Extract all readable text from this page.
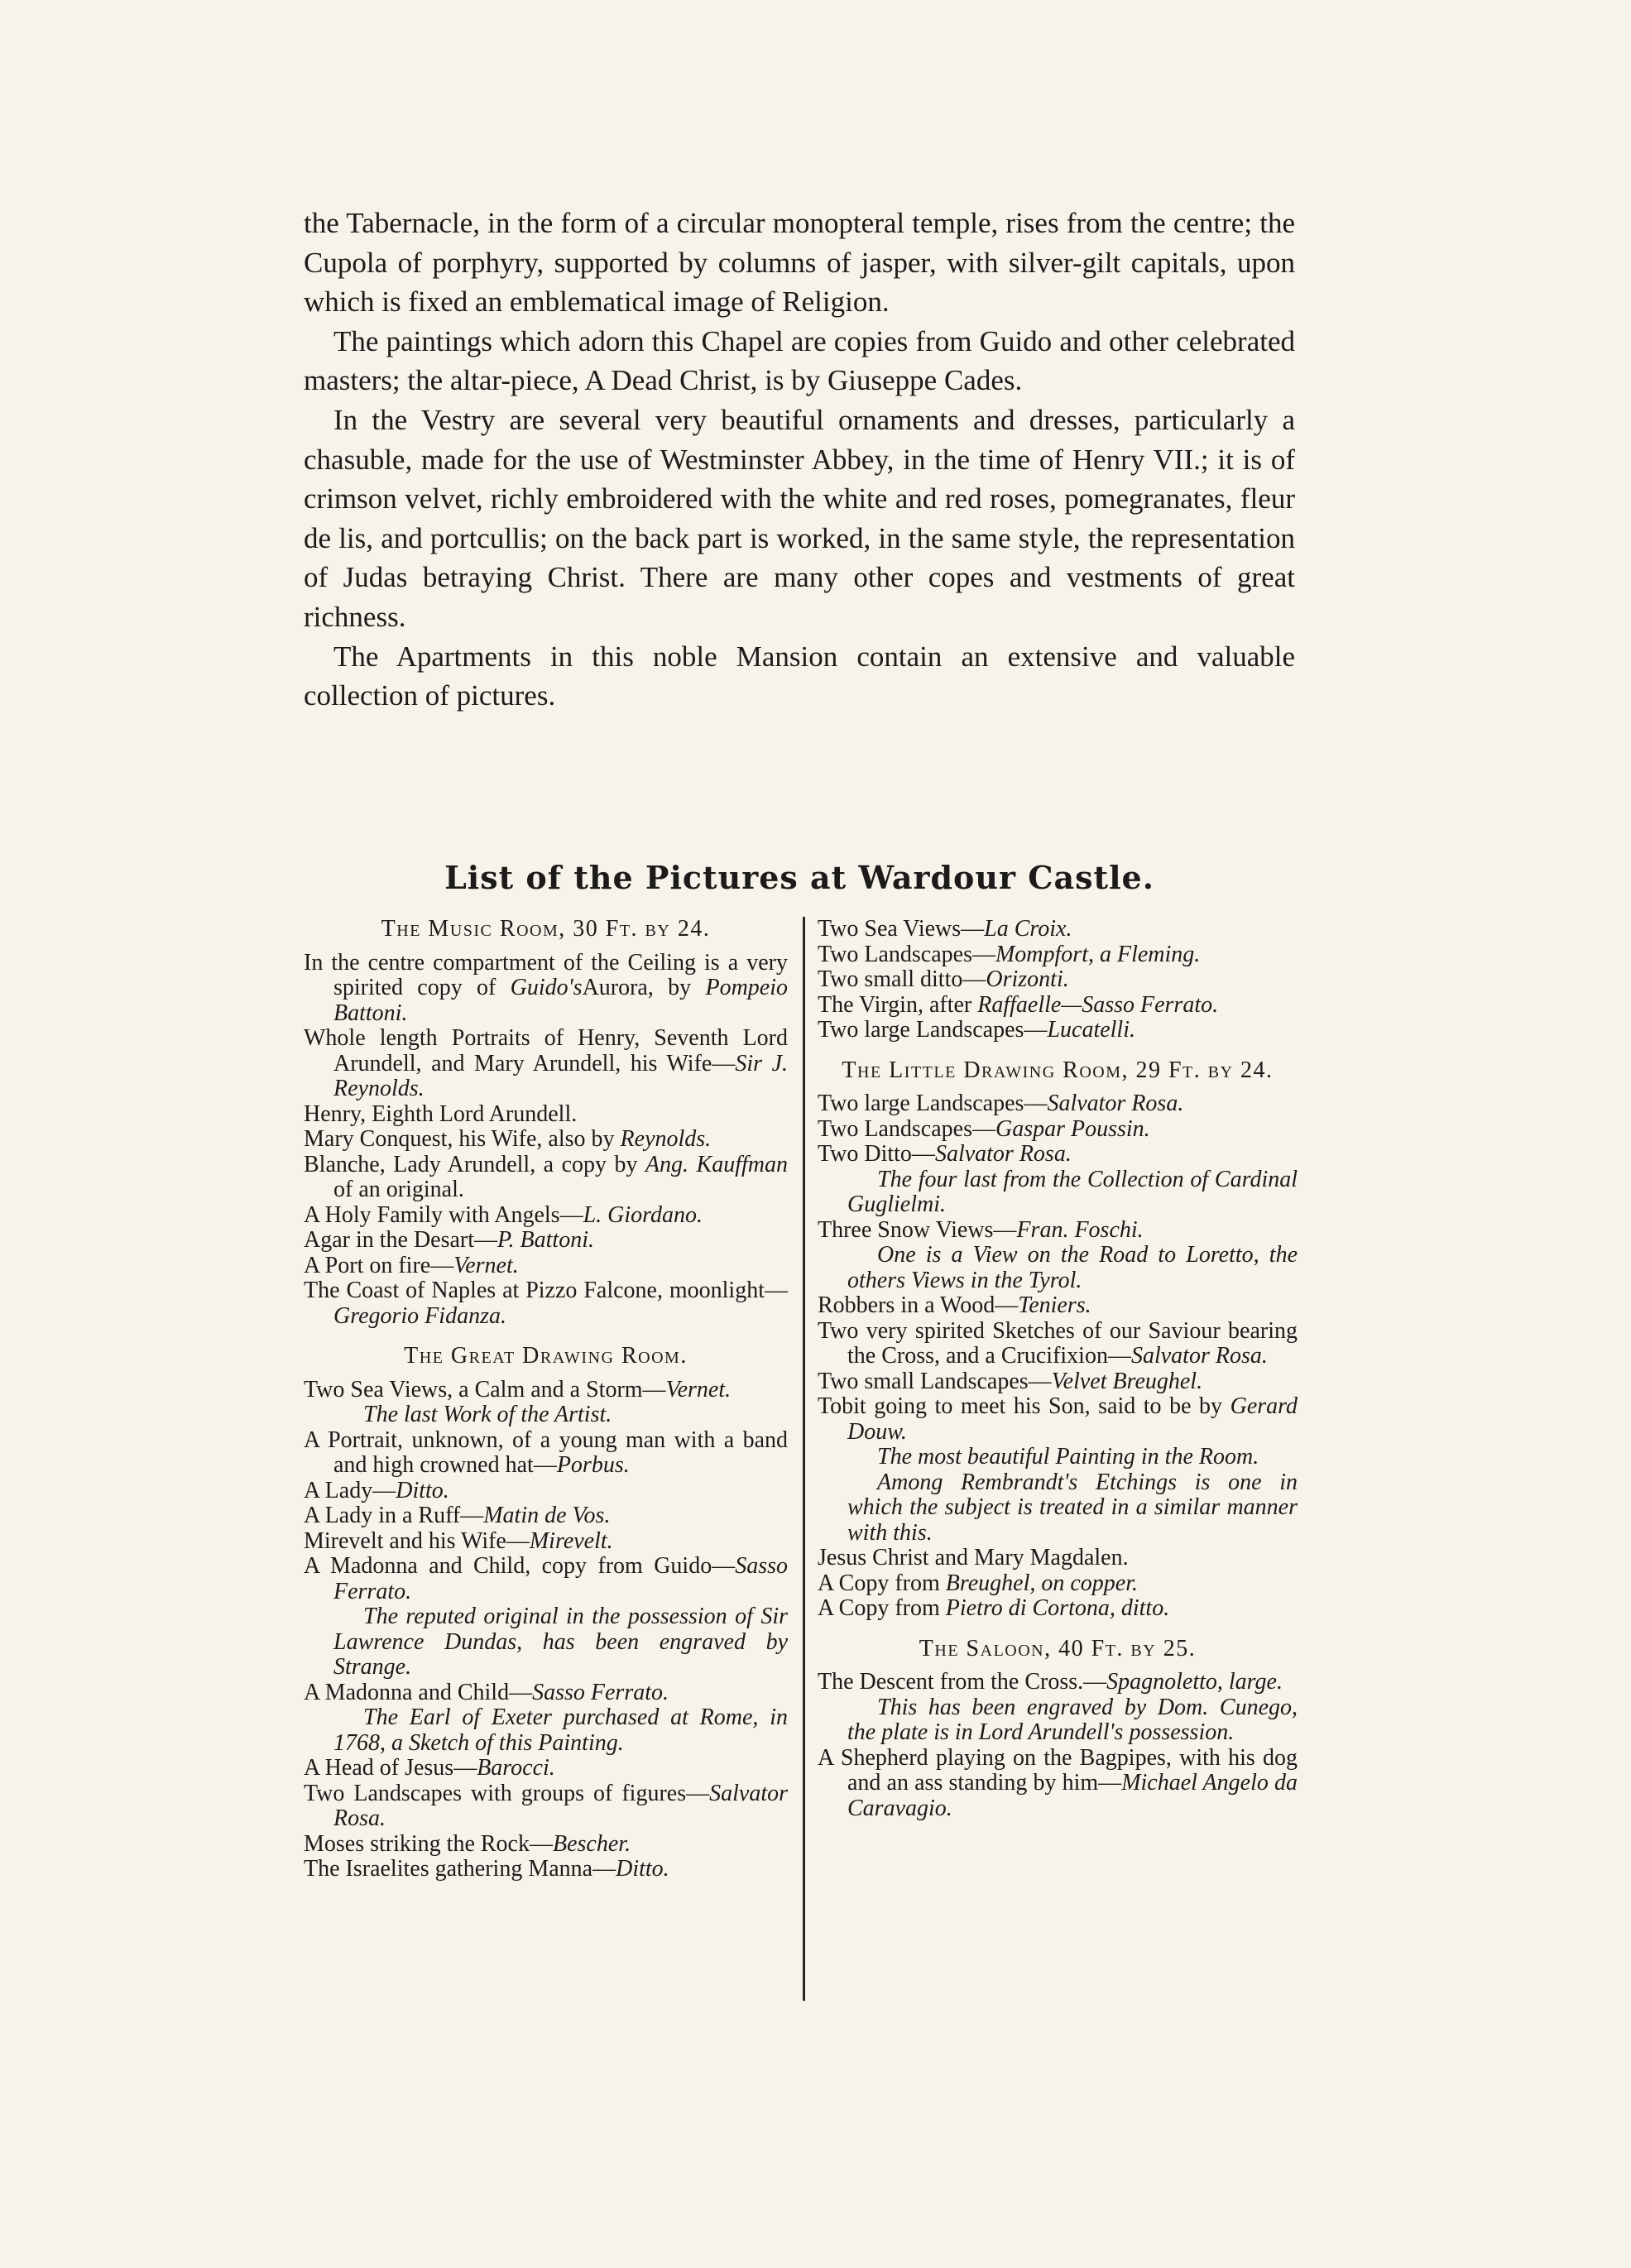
the Tabernacle, in the form of a circular monopteral temple, rises from the centre; the Cupola of porphyry, supported by columns of jasper, with silver-gilt capitals, upon which is fixed an emblematical image of Religion.

The paintings which adorn this Chapel are copies from Guido and other celebrated masters; the altar-piece, A Dead Christ, is by Giuseppe Cades.

In the Vestry are several very beautiful ornaments and dresses, particularly a chasuble, made for the use of Westminster Abbey, in the time of Henry VII.; it is of crimson velvet, richly embroidered with the white and red roses, pomegranates, fleur de lis, and portcullis; on the back part is worked, in the same style, the representation of Judas betraying Christ. There are many other copes and vestments of great richness.

The Apartments in this noble Mansion contain an extensive and valuable collection of pictures.

List of the Pictures at Wardour Castle.
The Music Room, 30 Ft. by 24.

In the centre compartment of the Ceiling is a very spirited copy of Guido'sAurora, by Pompeio Battoni.

Whole length Portraits of Henry, Seventh Lord Arundell, and Mary Arundell, his Wife—Sir J. Reynolds.

Henry, Eighth Lord Arundell.

Mary Conquest, his Wife, also by Reynolds.

Blanche, Lady Arundell, a copy by Ang. Kauffman of an original.

A Holy Family with Angels—L. Giordano.

Agar in the Desart—P. Battoni.

A Port on fire—Vernet.

The Coast of Naples at Pizzo Falcone, moonlight—Gregorio Fidanza.

The Great Drawing Room.

Two Sea Views, a Calm and a Storm—Vernet.

The last Work of the Artist.

A Portrait, unknown, of a young man with a band and high crowned hat—Porbus.

A Lady—Ditto.

A Lady in a Ruff—Matin de Vos.

Mirevelt and his Wife—Mirevelt.

A Madonna and Child, copy from Guido—Sasso Ferrato.

The reputed original in the possession of Sir Lawrence Dundas, has been engraved by Strange.

A Madonna and Child—Sasso Ferrato.

The Earl of Exeter purchased at Rome, in 1768, a Sketch of this Painting.

A Head of Jesus—Barocci.

Two Landscapes with groups of figures—Salvator Rosa.

Moses striking the Rock—Bescher.

The Israelites gathering Manna—Ditto.

Two Sea Views—La Croix.

Two Landscapes—Mompfort, a Fleming.

Two small ditto—Orizonti.

The Virgin, after Raffaelle—Sasso Ferrato.

Two large Landscapes—Lucatelli.

The Little Drawing Room, 29 Ft. by 24.

Two large Landscapes—Salvator Rosa.

Two Landscapes—Gaspar Poussin.

Two Ditto—Salvator Rosa.

The four last from the Collection of Cardinal Guglielmi.

Three Snow Views—Fran. Foschi.

One is a View on the Road to Loretto, the others Views in the Tyrol.

Robbers in a Wood—Teniers.

Two very spirited Sketches of our Saviour bearing the Cross, and a Crucifixion—Salvator Rosa.

Two small Landscapes—Velvet Breughel.

Tobit going to meet his Son, said to be by Gerard Douw.

The most beautiful Painting in the Room.

Among Rembrandt's Etchings is one in which the subject is treated in a similar manner with this.

Jesus Christ and Mary Magdalen.

A Copy from Breughel, on copper.

A Copy from Pietro di Cortona, ditto.

The Saloon, 40 Ft. by 25.

The Descent from the Cross.—Spagnoletto, large.

This has been engraved by Dom. Cunego, the plate is in Lord Arundell's possession.

A Shepherd playing on the Bagpipes, with his dog and an ass standing by him—Michael Angelo da Caravagio.
